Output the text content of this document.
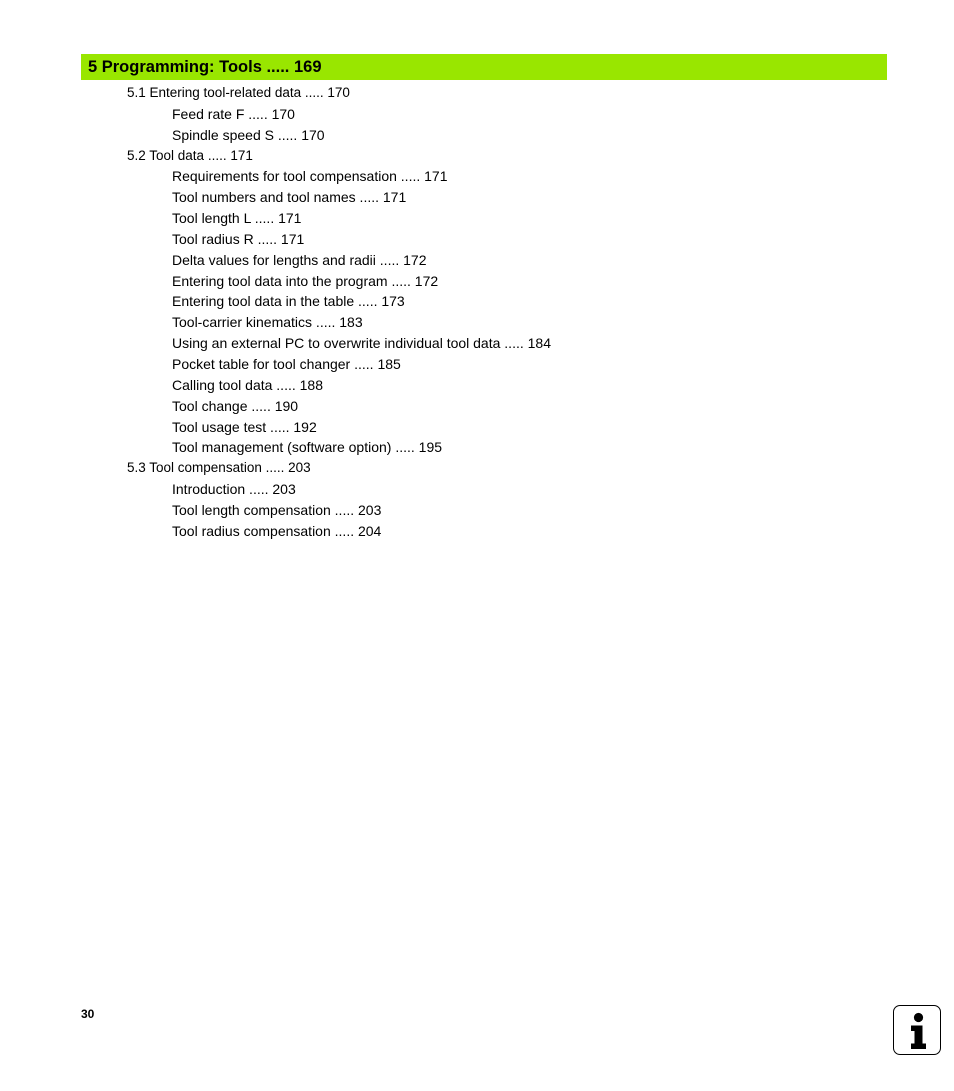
5 Programming: Tools ..... 169
5.1 Entering tool-related data ..... 170
Feed rate F ..... 170
Spindle speed S ..... 170
5.2 Tool data ..... 171
Requirements for tool compensation ..... 171
Tool numbers and tool names ..... 171
Tool length L ..... 171
Tool radius R ..... 171
Delta values for lengths and radii ..... 172
Entering tool data into the program ..... 172
Entering tool data in the table ..... 173
Tool-carrier kinematics ..... 183
Using an external PC to overwrite individual tool data ..... 184
Pocket table for tool changer ..... 185
Calling tool data ..... 188
Tool change ..... 190
Tool usage test ..... 192
Tool management (software option) ..... 195
5.3 Tool compensation ..... 203
Introduction ..... 203
Tool length compensation ..... 203
Tool radius compensation ..... 204
30
